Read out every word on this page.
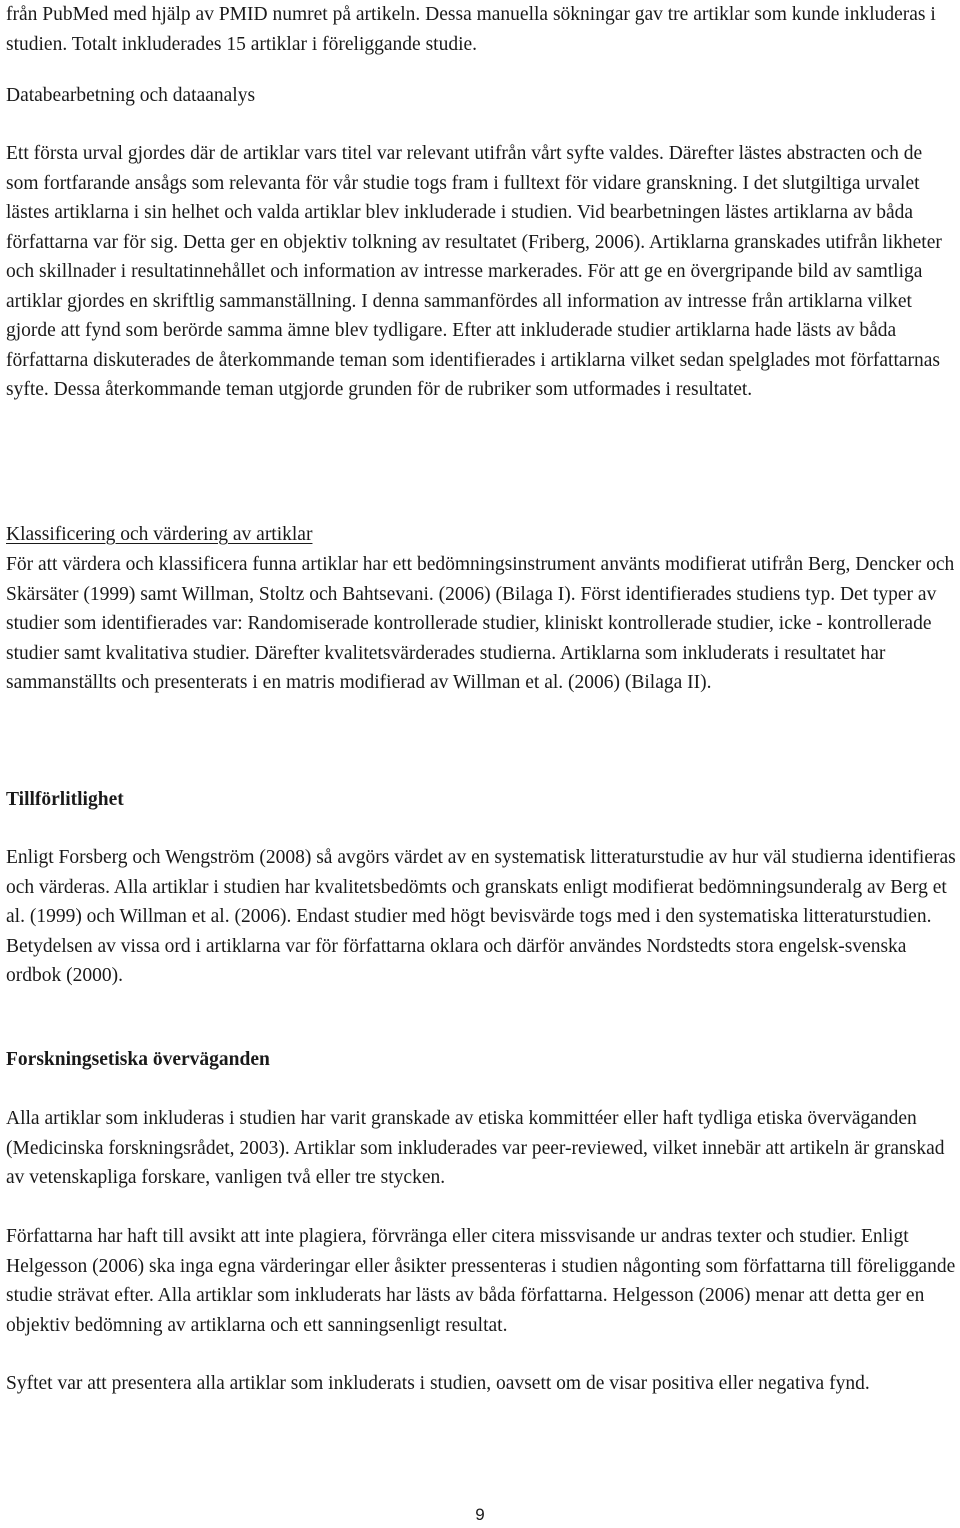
från PubMed med hjälp av PMID numret på artikeln. Dessa manuella sökningar gav tre artiklar som kunde inkluderas i studien. Totalt inkluderades 15 artiklar i föreliggande studie.

Databearbetning och dataanalys

Ett första urval gjordes där de artiklar vars titel var relevant utifrån vårt syfte valdes. Därefter lästes abstracten och de som fortfarande ansågs som relevanta för vår studie togs fram i fulltext för vidare granskning. I det slutgiltiga urvalet lästes artiklarna i sin helhet och valda artiklar blev inkluderade i studien. Vid bearbetningen lästes artiklarna av båda författarna var för sig. Detta ger en objektiv tolkning av resultatet (Friberg, 2006). Artiklarna granskades utifrån likheter och skillnader i resultatinnehållet och information av intresse markerades. För att ge en övergripande bild av samtliga artiklar gjordes en skriftlig sammanställning. I denna sammanfördes all information av intresse från artiklarna vilket gjorde att fynd som berörde samma ämne blev tydligare. Efter att inkluderade studier artiklarna hade lästs av båda författarna diskuterades de återkommande teman som identifierades i artiklarna vilket sedan spelglades mot författarnas syfte. Dessa återkommande teman utgjorde grunden för de rubriker som utformades i resultatet.

Klassificering och värdering av artiklar

För att värdera och klassificera funna artiklar har ett bedömningsinstrument använts modifierat utifrån Berg, Dencker och Skärsäter (1999) samt Willman, Stoltz och Bahtsevani. (2006) (Bilaga I). Först identifierades studiens typ. Det typer av studier som identifierades var: Randomiserade kontrollerade studier, kliniskt kontrollerade studier, icke - kontrollerade studier samt kvalitativa studier. Därefter kvalitetsvärderades studierna. Artiklarna som inkluderats i resultatet har sammanställts och presenterats i en matris modifierad av Willman et al. (2006) (Bilaga II).

Tillförlitlighet

Enligt Forsberg och Wengström (2008) så avgörs värdet av en systematisk litteraturstudie av hur väl studierna identifieras och värderas. Alla artiklar i studien har kvalitetsbedömts och granskats enligt modifierat bedömningsunderalg av Berg et al. (1999) och Willman et al. (2006). Endast studier med högt bevisvärde togs med i den systematiska litteraturstudien. Betydelsen av vissa ord i artiklarna var för författarna oklara och därför användes Nordstedts stora engelsk-svenska ordbok (2000).

Forskningsetiska överväganden

Alla artiklar som inkluderas i studien har varit granskade av etiska kommittéer eller haft tydliga etiska överväganden (Medicinska forskningsrådet, 2003). Artiklar som inkluderades var peer-reviewed, vilket innebär att artikeln är granskad av vetenskapliga forskare, vanligen två eller tre stycken.

Författarna har haft till avsikt att inte plagiera, förvränga eller citera missvisande ur andras texter och studier. Enligt Helgesson (2006) ska inga egna värderingar eller åsikter pressenteras i studien någonting som författarna till föreliggande studie strävat efter. Alla artiklar som inkluderats har lästs av båda författarna. Helgesson (2006) menar att detta ger en objektiv bedömning av artiklarna och ett sanningsenligt resultat.

Syftet var att presentera alla artiklar som inkluderats i studien, oavsett om de visar positiva eller negativa fynd.

9
